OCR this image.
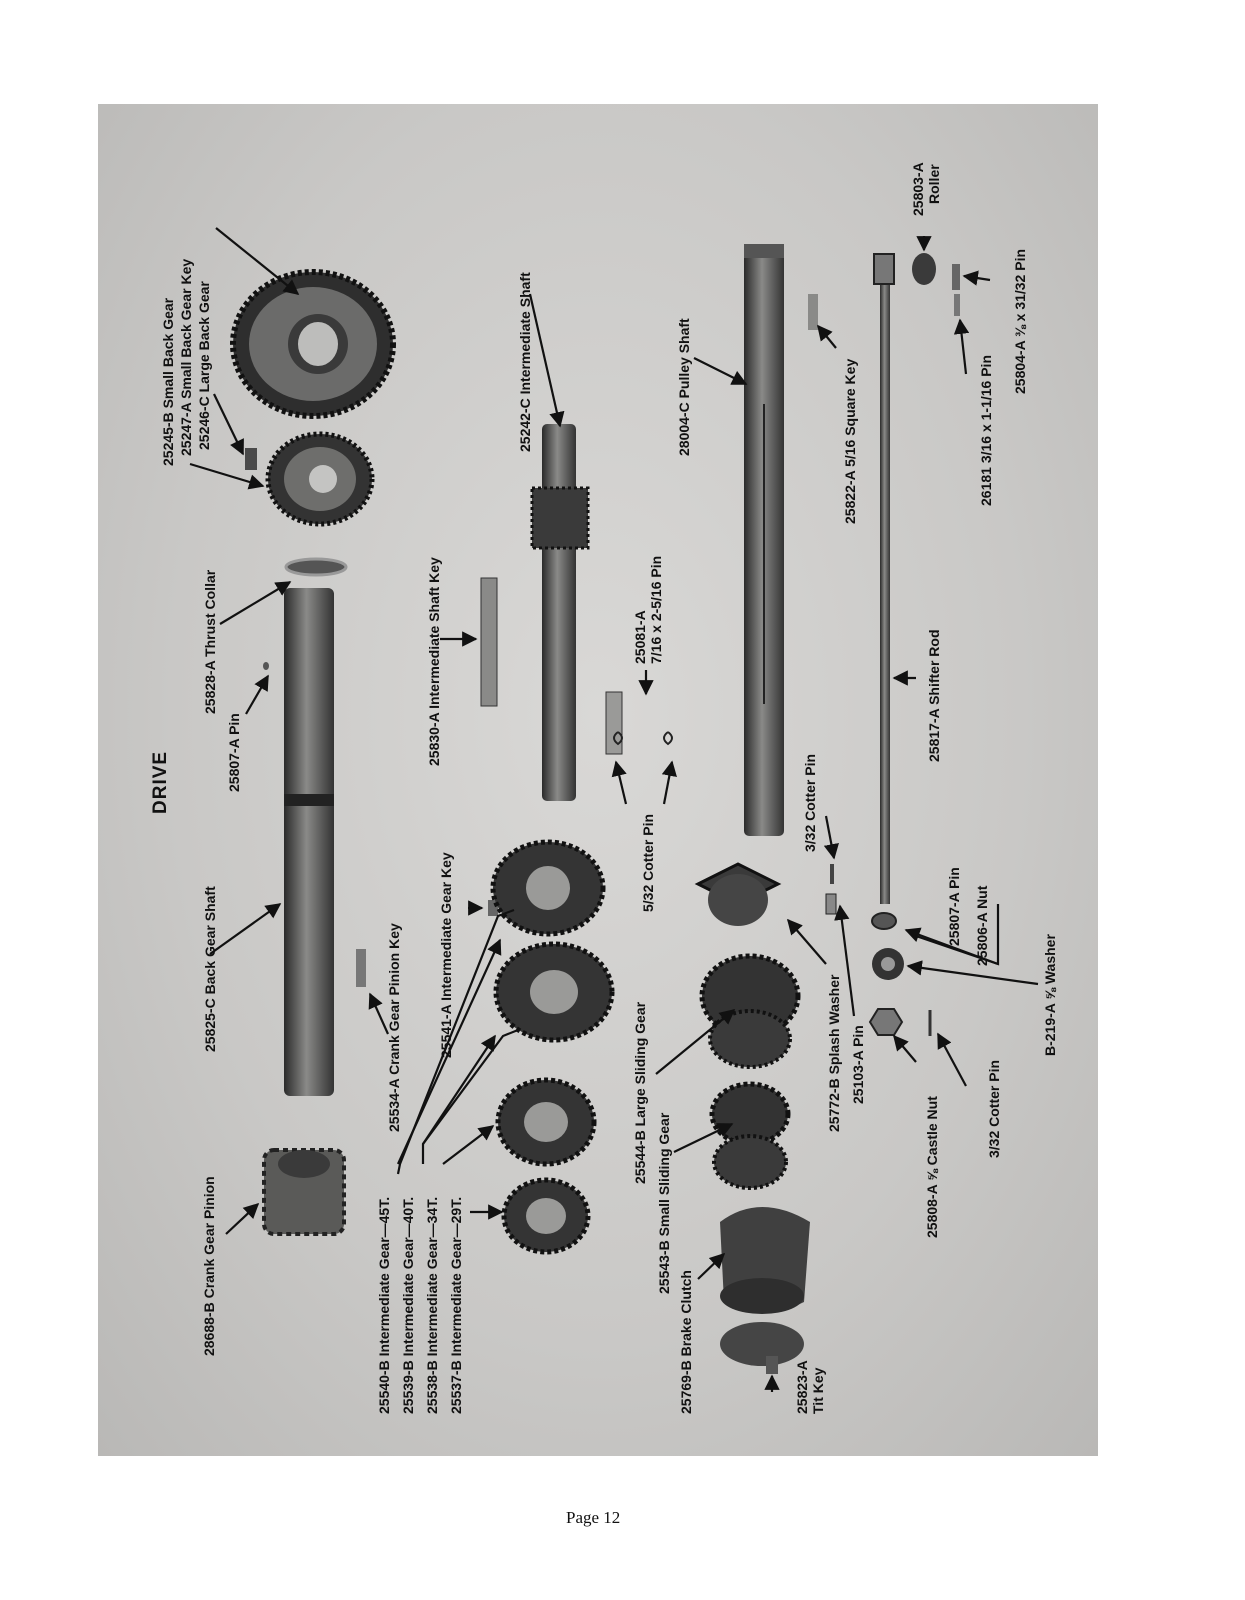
DRIVE
28688-B Crank Gear Pinion
25825-C Back Gear Shaft
25807-A Pin
25828-A Thrust Collar
25245-B Small Back Gear 25247-A Small Back Gear Key 25246-C Large Back Gear
25534-A Crank Gear Pinion Key
25830-A Intermediate Shaft Key
25242-C Intermediate Shaft
25541-A Intermediate Gear Key
25540-B Intermediate Gear—45T. 25539-B Intermediate Gear—40T. 25538-B Intermediate Gear—34T. 25537-B Intermediate Gear—29T.
25081-A 7/16 x 2-5/16 Pin
5/32 Cotter Pin
25544-B Large Sliding Gear
25543-B Small Sliding Gear
25769-B Brake Clutch	25823-A Tit Key
28004-C Pulley Shaft
3/32 Cotter Pin
25772-B Splash Washer 25103-A Pin
25822-A 5/16 Square Key
25817-A Shifter Rod
25807-A Pin 25806-A Nut
B-219-A ⅝ Washer
25808-A ⅝ Castle Nut	3/32 Cotter Pin
25803-A Roller
26181 3/16 x 1-1/16 Pin
25804-A ⅜ x 31/32 Pin
Page 12
